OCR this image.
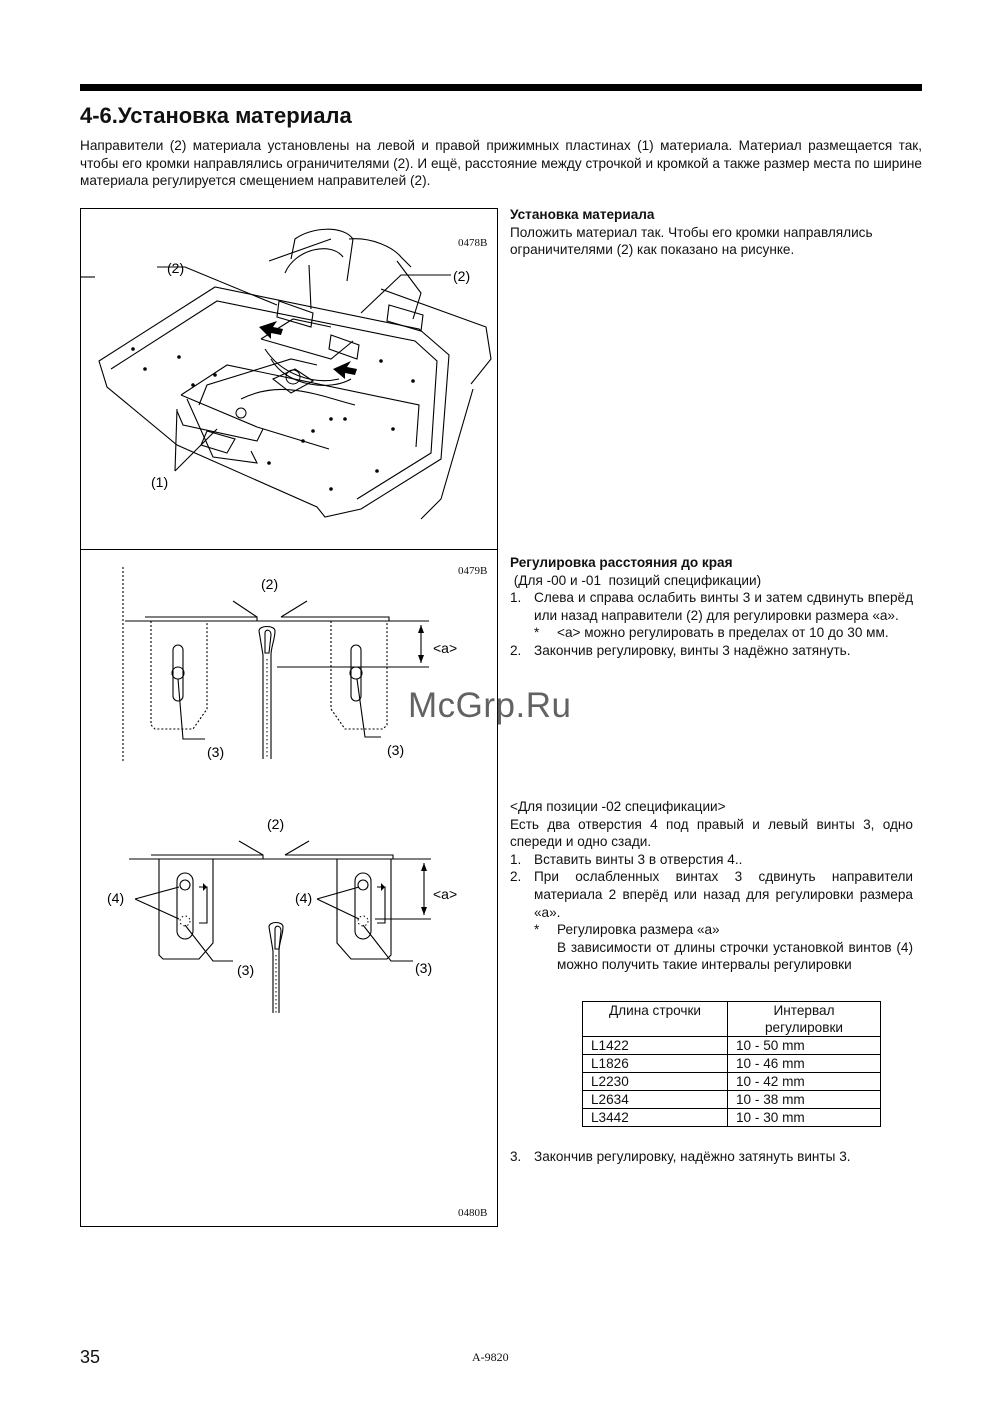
4-6.Установка материала

Направители (2) материала установлены на левой и правой прижимных пластинах (1) материала. Материал размещается так, чтобы его кромки направлялись ограничителями (2). И ещё, расстояние между строчкой и кромкой а также размер места по ширине материала регулируется смещением направителей (2).

0478B
0479B
0480B
(2)	(2)
(1)
(2)
<a>
(3)	(3)
(2)
<a>
(4)	(4)
(3)	(3)

Установка материала

Положить материал так. Чтобы его кромки направлялись ограничителями (2) как показано на рисунке.

Регулировка расстояния до края

(Для -00 и -01  позиций спецификации)

1. Слева и справа ослабить винты 3 и затем сдвинуть вперёд или назад направители (2) для регулировки размера «а».
*	<a> можно регулировать в пределах от 10 до 30 мм.
2. Закончив регулировку, винты 3 надёжно затянуть.

<Для позиции -02 спецификации>

Есть два отверстия 4 под правый и левый винты 3, одно спереди и одно сзади.

1. Вставить винты 3 в отверстия 4..
2. При ослабленных винтах 3 сдвинуть направители материала 2 вперёд или назад для регулировки размера «а».
*	Регулировка размера «а»
В зависимости от длины строчки установкой винтов (4) можно получить такие интервалы регулировки
Длина строчки	Интервал регулировки
L1422	10 - 50 mm
L1826	10 - 46 mm
L2230	10 - 42 mm
L2634	10 - 38 mm
L3442	10 - 30 mm
3. Закончив регулировку, надёжно затянуть винты 3.
McGrp.Ru
35	A-9820
